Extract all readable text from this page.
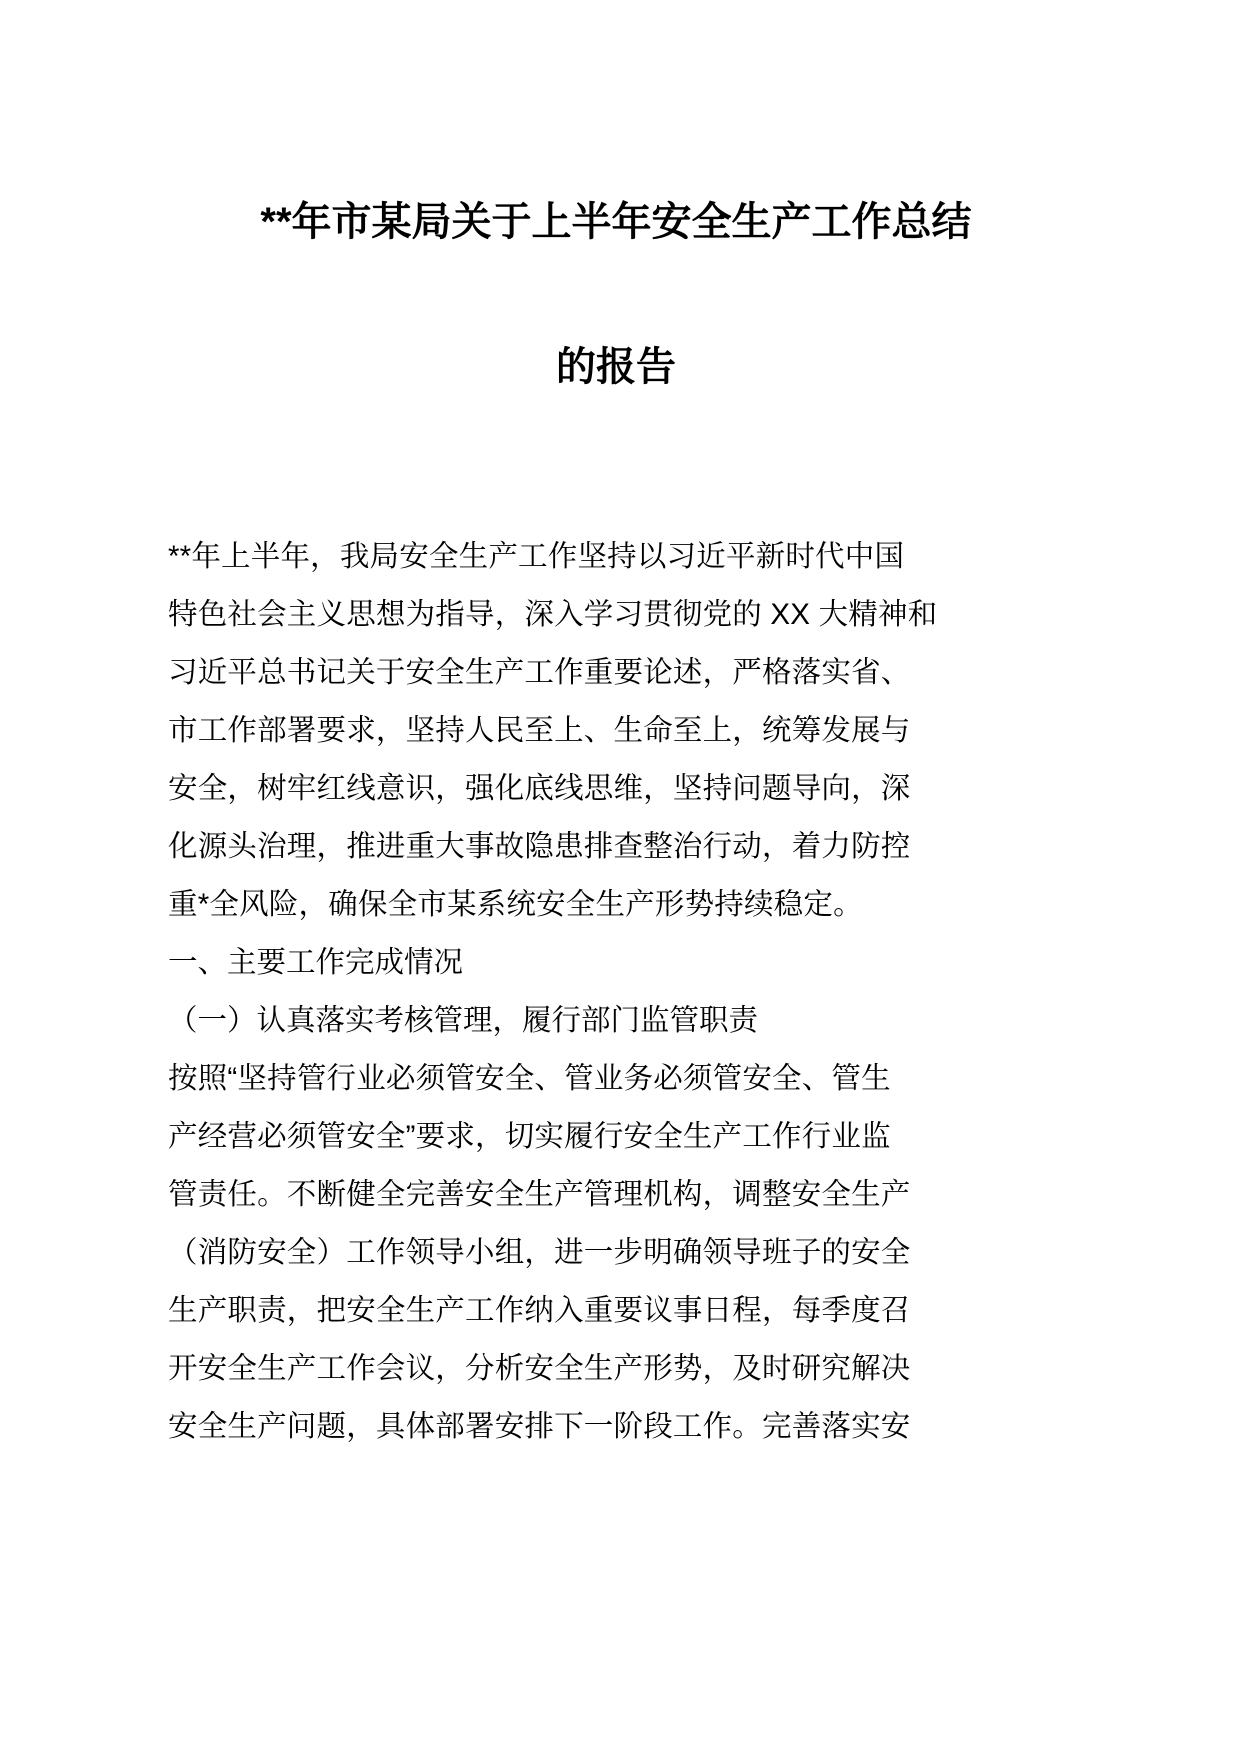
**年市某局关于上半年安全生产工作总结
的报告

**年上半年，我局安全生产工作坚持以习近平新时代中国
特色社会主义思想为指导，深入学习贯彻党的 XX 大精神和
习近平总书记关于安全生产工作重要论述，严格落实省、
市工作部署要求，坚持人民至上、生命至上，统筹发展与
安全，树牢红线意识，强化底线思维，坚持问题导向，深
化源头治理，推进重大事故隐患排查整治行动，着力防控
重*全风险，确保全市某系统安全生产形势持续稳定。

一、主要工作完成情况

（一）认真落实考核管理，履行部门监管职责

按照“坚持管行业必须管安全、管业务必须管安全、管生
产经营必须管安全”要求，切实履行安全生产工作行业监
管责任。不断健全完善安全生产管理机构，调整安全生产
（消防安全）工作领导小组，进一步明确领导班子的安全
生产职责，把安全生产工作纳入重要议事日程，每季度召
开安全生产工作会议，分析安全生产形势，及时研究解决
安全生产问题，具体部署安排下一阶段工作。完善落实安
